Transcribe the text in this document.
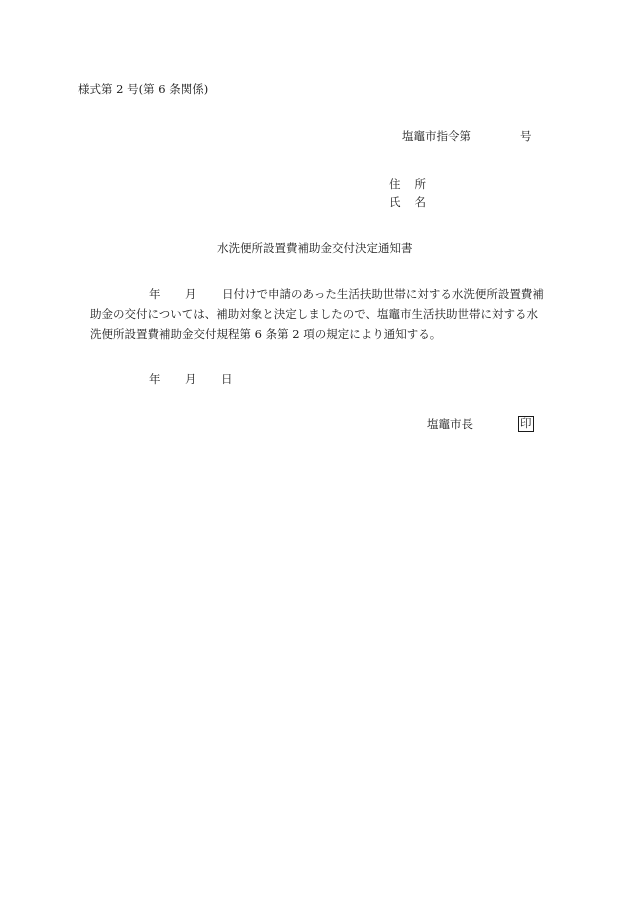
様式第 2 号(第 6 条関係)
塩竈市指令第	号
住 所
氏 名
水洗便所設置費補助金交付決定通知書
年 月 日付けで申請のあった生活扶助世帯に対する水洗便所設置費補
助金の交付については、補助対象と決定しましたので、塩竈市生活扶助世帯に対する水
洗便所設置費補助金交付規程第 6 条第 2 項の規定により通知する。
年 月 日
塩竈市長	印
